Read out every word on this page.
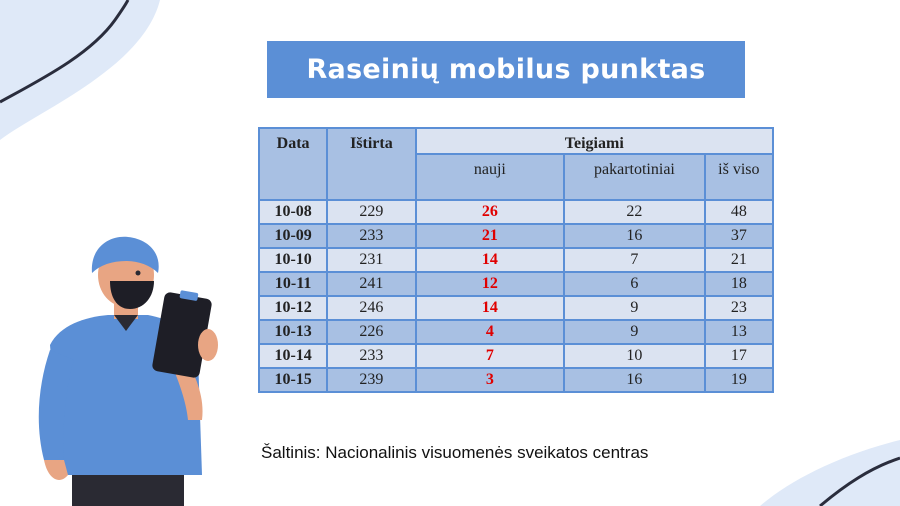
Raseinių mobilus punktas
Data	Ištirta	Teigiami		
		nauji	pakartotiniai	iš viso
10-08	229	26	22	48
10-09	233	21	16	37
10-10	231	14	7	21
10-11	241	12	6	18
10-12	246	14	9	23
10-13	226	4	9	13
10-14	233	7	10	17
10-15	239	3	16	19
Šaltinis: Nacionalinis visuomenės sveikatos centras
